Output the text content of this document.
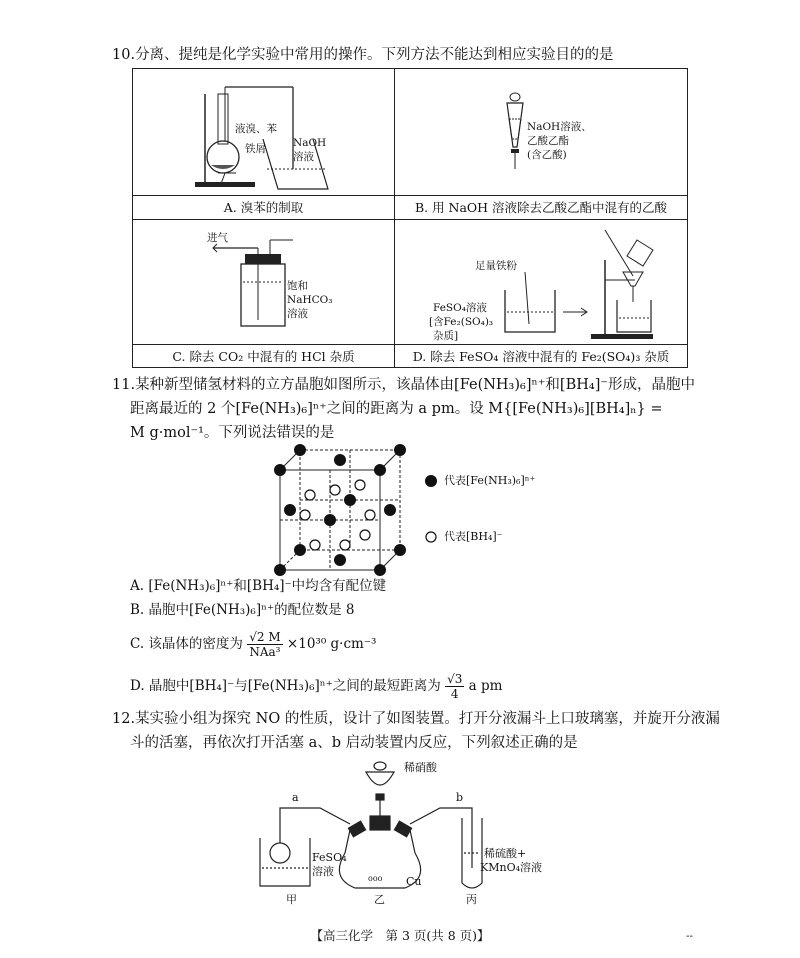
10.分离、提纯是化学实验中常用的操作。下列方法不能达到相应实验目的的是
液溴、苯
铁屑	NaOH
溶液
A. 溴苯的制取
NaOH溶液、
乙酸乙酯
(含乙酸)
B. 用 NaOH 溶液除去乙酸乙酯中混有的乙酸
进气
饱和
NaHCO₃
溶液
C. 除去 CO₂ 中混有的 HCl 杂质
足量铁粉
FeSO₄溶液
[含Fe₂(SO₄)₃
杂质]
D. 除去 FeSO₄ 溶液中混有的 Fe₂(SO₄)₃ 杂质
11.某种新型储氢材料的立方晶胞如图所示，该晶体由[Fe(NH₃)₆]ⁿ⁺和[BH₄]⁻形成，晶胞中
距离最近的 2 个[Fe(NH₃)₆]ⁿ⁺之间的距离为 a pm。设 M{[Fe(NH₃)₆][BH₄]ₙ} =
M g·mol⁻¹。下列说法错误的是
代表[Fe(NH₃)₆]ⁿ⁺
代表[BH₄]⁻
A. [Fe(NH₃)₆]ⁿ⁺和[BH₄]⁻中均含有配位键
B. 晶胞中[Fe(NH₃)₆]ⁿ⁺的配位数是 8
C. 该晶体的密度为 $\frac{√2 M}{\text{NAa³}} \times 10^{30}$ g·cm⁻³
D. 晶胞中[BH₄]⁻与[Fe(NH₃)₆]ⁿ⁺之间的最短距离为 $\frac{√3}{4}$ a pm
12.某实验小组为探究 NO 的性质，设计了如图装置。打开分液漏斗上口玻璃塞，并旋开分液漏
斗的活塞，再依次打开活塞 a、b 启动装置内反应，下列叙述正确的是
ooo
稀硝酸
a	b
FeSO₄
溶液
稀硫酸+
KMnO₄溶液
Cu
甲	乙	丙
【高三化学　第 3 页(共 8 页)】	--
